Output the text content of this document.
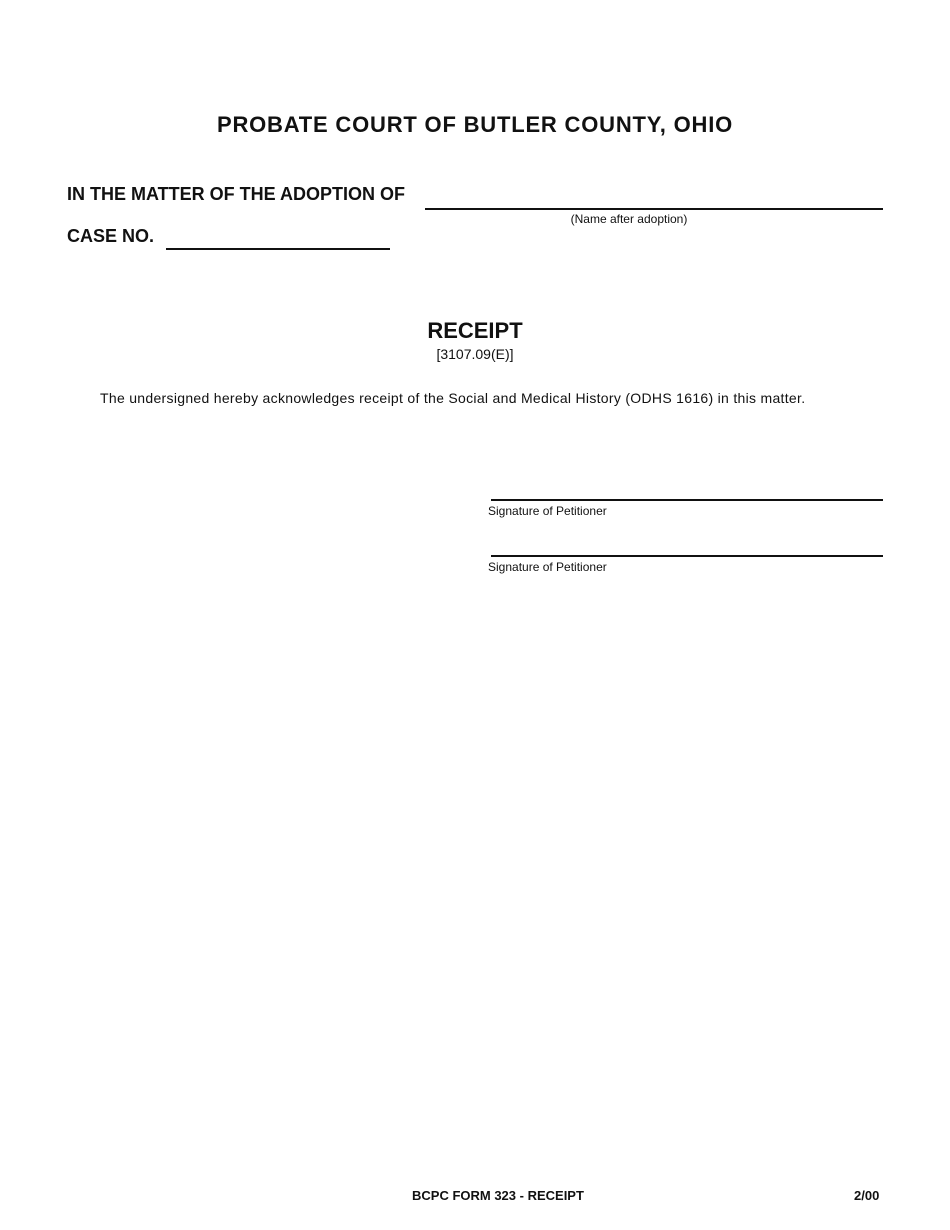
PROBATE COURT OF BUTLER COUNTY, OHIO
IN THE MATTER OF THE ADOPTION OF
(Name after adoption)
CASE NO.
RECEIPT
[3107.09(E)]
The undersigned hereby acknowledges receipt of the Social and Medical History (ODHS 1616) in this matter.
Signature of Petitioner
Signature of Petitioner
BCPC FORM 323 - RECEIPT	2/00
